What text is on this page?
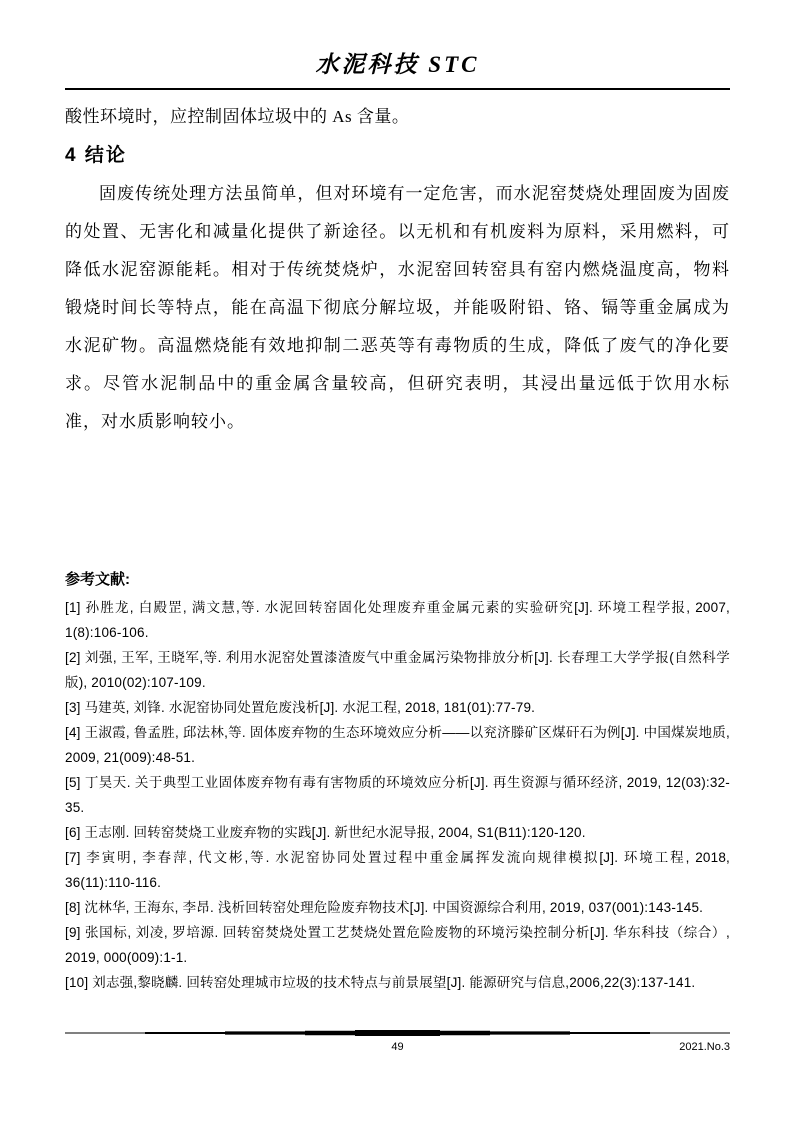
水泥科技 STC
酸性环境时，应控制固体垃圾中的 As 含量。
4 结论
固废传统处理方法虽简单，但对环境有一定危害，而水泥窑焚烧处理固废为固废的处置、无害化和减量化提供了新途径。以无机和有机废料为原料，采用燃料，可降低水泥窑源能耗。相对于传统焚烧炉，水泥窑回转窑具有窑内燃烧温度高，物料锻烧时间长等特点，能在高温下彻底分解垃圾，并能吸附铅、铬、镉等重金属成为水泥矿物。高温燃烧能有效地抑制二恶英等有毒物质的生成，降低了废气的净化要求。尽管水泥制品中的重金属含量较高，但研究表明，其浸出量远低于饮用水标准，对水质影响较小。
参考文献:

[1] 孙胜龙, 白殿罡, 满文慧,等. 水泥回转窑固化处理废弃重金属元素的实验研究[J]. 环境工程学报, 2007, 1(8):106-106.

[2] 刘强, 王军, 王晓军,等. 利用水泥窑处置漆渣废气中重金属污染物排放分析[J]. 长春理工大学学报(自然科学版), 2010(02):107-109.

[3] 马建英, 刘锋. 水泥窑协同处置危废浅析[J]. 水泥工程, 2018, 181(01):77-79.

[4] 王淑霞, 鲁孟胜, 邱法林,等. 固体废弃物的生态环境效应分析——以兖济滕矿区煤矸石为例[J]. 中国煤炭地质, 2009, 21(009):48-51.

[5] 丁昊天. 关于典型工业固体废弃物有毒有害物质的环境效应分析[J]. 再生资源与循环经济, 2019, 12(03):32-35.

[6] 王志刚. 回转窑焚烧工业废弃物的实践[J]. 新世纪水泥导报, 2004, S1(B11):120-120.

[7] 李寅明, 李春萍, 代文彬,等. 水泥窑协同处置过程中重金属挥发流向规律模拟[J]. 环境工程, 2018, 36(11):110-116.

[8] 沈林华, 王海东, 李昂. 浅析回转窑处理危险废弃物技术[J]. 中国资源综合利用, 2019, 037(001):143-145.

[9] 张国标, 刘凌, 罗培源. 回转窑焚烧处置工艺焚烧处置危险废物的环境污染控制分析[J]. 华东科技（综合）, 2019, 000(009):1-1.

[10] 刘志强,黎晓麟. 回转窑处理城市垃圾的技术特点与前景展望[J]. 能源研究与信息,2006,22(3):137-141.

49	2021.No.3
